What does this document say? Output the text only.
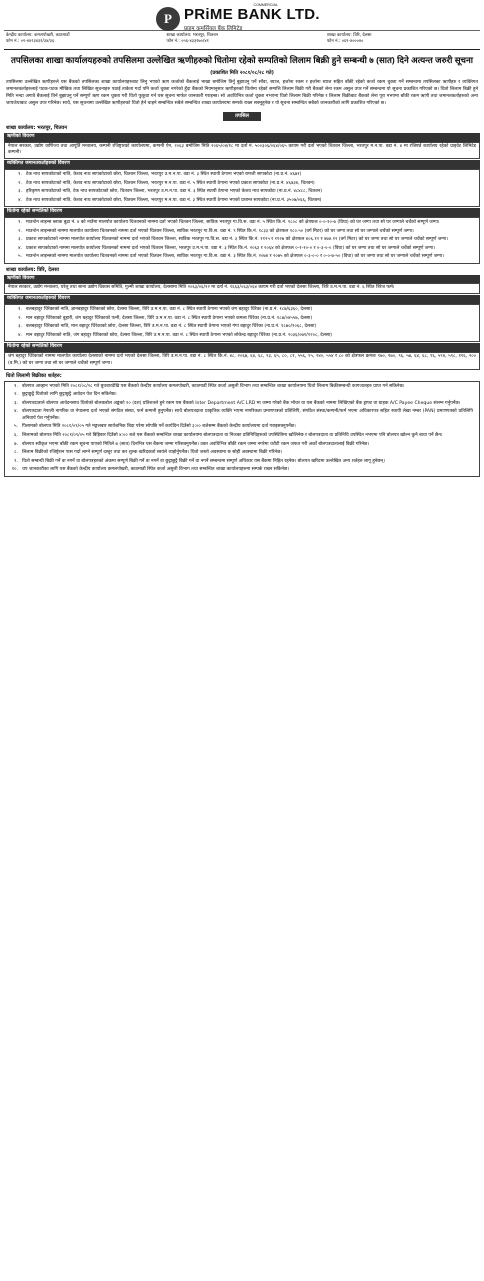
P PRiME BANK LTD.
COMMERCIAL
प्राइम कमर्सियल बैंक लिमिटेड
केन्द्रीय कार्यालय: कमलपोखरी, काठमाडौं
फोन नं.: ०१-४४२३४३२/३४/३६
शाखा कार्यालय: भरतपुर, चितवन
फोन नं.: ०५६-४३३२७०/४१
शाखा कार्यालय: त्रिरि, देलसा
फोन नं.: ०६१-४०००४०
तपसिलका शाखा कार्यालयहरुको तपसिलमा उल्लेखित ऋणीहरुको धितोमा रहेको सम्पतिको लिलाम बिक्री हुने सम्बन्धी ७ (सात) दिने अत्यन्त जरुरी सूचना
(प्रकाशित मिति २०८१/०८/२८ गते)
तपसिलमा उल्लेखित ऋणीहरुले यस बैंकको तपसिलका शाखा कार्यालयहरुबाट लिनु भएको ऋण कर्जाको बैंकलाई भाखा बमोजिम तिर्नु बुझाउनु पर्ने साँवा, ब्याज, हर्जाना रकम र हर्जाना ब्याज सहित बाँकी रहेको कर्जा रकम चुक्ता गर्ने सम्बन्धमा तपसिलका ऋणीहरु र व्यक्तिगत जमानतकर्ताहरुलाई पटक-पटक मौखिक तथा लिखित सूचनाहरु पठाई ताकेता गर्दा पनि कर्जा चुक्ता नगरेको हुँदा बैंकको नियमानुसार ऋणीहरुको धितोमा रहेको सम्पत्ति लिलाम बिक्री गरी बैंकको लेना रकम असुल उपर गर्ने सम्बन्धमा यो सूचना प्रकाशित गरिएको छ। धितो लिलाम बिक्री हुने मिति भन्दा अगावै बैंकलाई तिर्न बुझाउनु पर्ने सम्पूर्ण ऋण रकम चुक्ता गरी धितो फुकुवा गर्न यस सूचना मार्फत जानकारी गराइन्छ। सो अवधिभित्र कर्जा चुक्ता नभएमा धितो लिलाम बिक्री गरिनेछ र लिलाम बिक्रीबाट बैंकको लेना पूरा नभएमा बाँकी रकम ऋणी तथा जमानतकर्ताहरुको अन्य जायजेथाबाट असुल उपर गरिनेछ। साथै, यस सूचनामा उल्लेखित ऋणीहरुको धितो हेर्न चाहने सम्बन्धित सबैले सम्बन्धित शाखा कार्यालयमा सम्पर्क राख्न सक्नुहुनेछ र यो सूचना सम्बन्धित सबैको जानकारीको लागि प्रकाशित गरिएको छ।
तपसिल
शाखा कार्यालय: भरतपुर, चितवन
ऋणीको विवरण
नेपाल सरकार, उद्योग वाणिज्य तथा आपूर्ति मन्त्रालय, कम्पनी रजिष्ट्रारको कार्यालयमा, कम्पनी ऐन, २०६३ बमोजिम मिति २०६५/०४/१८ मा दर्ता नं. ५००३०६/०६४/०६५ कायम गरी दर्ता भएको चितवन जिल्ला, भरतपुर म.न.पा. वडा नं. ४ मा रजिष्टर्ड कार्यालय रहेको प्राइवेट लिमिटेड कम्पनी।
व्यक्तिगत जमानतकर्ताहरुको विवरण
१. टेक नाथ सापकोटाको नाति, केशव नाथ सापकोटाको छोरा, चितवन जिल्ला, भरतपुर उ.म.न.पा. वडा नं. ३ स्थित स्थायी ठेगाना भएको रामजी सापकोटा (ना.प्र.नं. ४६७१)
२. टेक नाथ सापकोटाको नाति, केशव नाथ सापकोटाको छोरा, चितवन जिल्ला, भरतपुर म.न.पा. वडा नं. ५ स्थित स्थायी ठेगाना भएको प्रकाश सापकोटा (ना.प्र.नं. ४६७३४, चितवन)
३. हरिकृष्ण सापकोटाको नाति, टेक नाथ सापकोटाको छोरा, चितवन जिल्ला, भरतपुर उ.म.न.पा. वडा नं. ३ स्थित स्थायी ठेगाना भएको केशव नाथ सापकोटा (ना.प्र.नं. ४८४८८, चितवन)
४. टेक नाथ सापकोटाको नाति, केशव नाथ सापकोटाको छोरा, चितवन जिल्ला, भरतपुर म.न.पा. वडा नं. ३ स्थित स्थायी ठेगाना भएको प्रशान्त सापकोटा (ना.प्र.नं. ३५०७/०६६, चितवन)
धितोमा रहेको सम्पतिको विवरण
१. माउन्टेन लाइन्स ब्लाक बुढा नं. ४ को नाउँमा मालपोत कार्यालय चितवनको नाममा दर्ता भएको चितवन जिल्ला, साविक भरतपुर गा.वि.स. वडा नं. ५ स्थित कि.नं. १८०८ को क्षेत्रफल ०-०-१०-७ (विघा) को घर जग्गा तथा सो घर जग्गाले चर्चेको सम्पूर्ण जग्गा।
२. माउन्टेन लाइन्सको नाममा मालपोत कार्यालय चितवनको नाममा दर्ता भएको चितवन जिल्ला, साविक भरतपुर गा.वि.स. वडा नं. ९ स्थित कि.नं. १८३३ को क्षेत्रफल २८०.५० (वर्ग मिटर) को घर जग्गा तथा सो घर जग्गाले चर्चेको सम्पूर्ण जग्गा।
३. प्रकाश सापकोटाको नाममा मालपोत कार्यालय चितवनको नाममा दर्ता भएको चितवन जिल्ला, साविक भरतपुर गा.वि.स. वडा नं. ३ स्थित कि.नं. ११२५ र ११२७ को क्षेत्रफल ४०६.१२ र ४७४.१२ (वर्ग मिटर) को घर जग्गा तथा सो घर जग्गाले चर्चेको सम्पूर्ण जग्गा।
४. प्रकाश सापकोटाको नाममा मालपोत कार्यालय चितवनको नाममा दर्ता भएको चितवन जिल्ला, भरतपुर उ.म.न.पा. वडा नं. ३ स्थित कि.नं. २०६३ र २०६४ को क्षेत्रफल ०-१-१०-० र ०-३-०-० (विघा) को घर जग्गा तथा सो घर जग्गाले चर्चेको सम्पूर्ण जग्गा।
५. माउन्टेन लाइन्सको नाममा मालपोत कार्यालय चितवनको नाममा दर्ता भएको चितवन जिल्ला, साविक भरतपुर गा.वि.स. वडा नं. ३ स्थित कि.नं. २०७४ र २०७५ को क्षेत्रफल ०-३-०-० र ०-०-७-५० (विघा) को घर जग्गा तथा सो घर जग्गाले चर्चेको सम्पूर्ण जग्गा।
शाखा कार्यालय: त्रिरि, देलसा
ऋणीको विवरण
नेपाल सरकार, उद्योग मन्त्रालय, घरेलु तथा साना उद्योग विकास समिति, गुल्मी शाखा कार्यालय, देलसामा मिति २०६३/०६/१२ मा दर्ता नं. १६६३/०६३/०६४ कायम गरी दर्ता भएको देलसा जिल्ला, त्रिरि उ.म.न.पा. वडा नं. ६ स्थित त्रिरेज फर्म।
व्यक्तिगत जमानतकर्ताहरुको विवरण
१. बलबहादुर थिंरेकाको नाति, ज्ञानबहादुर थिंरेकाको छोरा, देलसा जिल्ला, त्रिरि उ.म.न.पा. वडा नं. ८ स्थित स्थायी ठेगाना भएको जंग बहादुर थिंरेका (ना.प्र.नं. १८७/६३६०, देलसा)
२. मान बहादुर थिंरेकाको बुहारी, जंग बहादुर थिंरेकाको पत्नी, देलसा जिल्ला, त्रिरि उ.म.न.पा. वडा नं. ८ स्थित स्थायी ठेगाना भएको कमला थिंरेका (ना.प्र.नं. १८७/०४५५७, देलसा)
३. बलबहादुर थिंरेकाको नाति, मान बहादुर थिंरेकाको छोरा, देलसा जिल्ला, त्रिरि उ.म.न.पा. वडा नं. ८ स्थित स्थायी ठेगाना भएको गंगा बहादुर थिंरेका (ना.प्र.नं. १८७०/१०६८, देलसा)
४. मान बहादुर थिंरेकाको नाति, जंग बहादुर थिंरेकाको छोरा, देलसा जिल्ला, त्रिरि उ.म.न.पा. वडा नं. ८ स्थित स्थायी ठेगाना भएको लोकेन्द्र बहादुर थिंरेका (ना.प्र.नं. २०३६/०७१/१२०८, देलसा)
धितोमा रहेको सम्पतिको विवरण
जंग बहादुर थिंरेकाको नाममा मालपोत कार्यालय देलसाको नाममा दर्ता भएको देलसा जिल्ला, त्रिरि उ.म.न.पा. वडा नं. ८ स्थित कि.नं. ४८, २०६७, ६४, ६८, ९३, ६५, ८०, ८१, ५५६, ९५, २४०, ५५४ र ८० को क्षेत्रफल क्रमशः १७०, १७०, ९६, ५७, ६४, ६८, ९६, ५९४, ५९८, ११६, २०० (व.मि.) को घर जग्गा तथा सो घर जग्गाले चर्चेको सम्पूर्ण जग्गा।
धितो लिलामी बिक्रीका शर्तहरु:
१. बोलपत्र आव्हान भएको मिति २०८१/०८/२८ गते बुधबारदेखि यस बैंकको केन्द्रीय कार्यालय कमलपोखरी, काठमाडौं स्थित कर्जा असुली विभाग तथा सम्बन्धित शाखा कार्यालयमा धितो लिलाम बिक्रीसम्बन्धी कागजातहरु प्राप्त गर्न सकिनेछ।
२. छुट्टाछुट्टै धितोको लागि छुट्टाछुट्टै आवेदन पेश दिन सकिनेछ।
३. बोलपत्रदाताले बोलपत्र आवेदनसाथ धितोको बोलकबोल अङ्कको १० (दश) प्रतिशतले हुने रकम यस बैंकको Inter Department A/C LRD मा जम्मा गरेको बैंक भौचर वा यस बैंकको नाममा लिखिएको बैंक ड्राफ्ट वा ग्राहक A/C Payee Cheque संलग्न गर्नुपर्नेछ।
४. बोलपत्रदाता नेपाली नागरिक वा नेपालमा दर्ता भएको संगठित संस्था, फर्म कम्पनी हुनुपर्नेछ। साथै बोलपत्रदाता प्राकृतिक व्यक्ति भएमा नागरिकता प्रमाणपत्रको प्रतिलिपि, संगठित संस्था/कम्पनी/फर्म भएमा अधिकारपत्र सहित स्थायी लेखा नम्बर (PAN) प्रमाणपत्रको प्रतिलिपि अनिवार्य पेश गर्नुपर्नेछ।
५. पिलामको बोलपत्र मिति २०८१/०९/०५ गते मङ्गलबार सार्वजनिक बिदा परेमा सोपछि पर्ने कार्यदिन दिउँसो ३:०० बजेसम्म बैंकको केन्द्रीय कार्यालयमा दर्ता गराइसक्नुपर्नेछ।
६. लिलामको बोलपत्र मिति २०८१/०९/०५ गते बिहिबार दिउँसो ४:०० बजे यस बैंकको सम्बन्धित शाखा कार्यालयमा बोलपत्रदाता वा निजका प्रतिनिधिहरुको उपस्थितिमा खोलिनेछ र बोलपत्रदाता वा प्रतिनिधि उपस्थित नभएमा पनि बोलपत्र खोल्न कुनै बाधा पर्ने छैन।
७. बोलपत्र स्वीकृत भएमा बाँकी रकम सूचना पाएको मितिले ७ (सात) दिनभित्र यस बैंकमा जम्मा गरिसक्नुपर्नेछ। उक्त अवधिभित्र बाँकी रकम जम्मा नगरेमा धरौटी रकम जफत गरी अर्को बोलपत्रदातालाई बिक्री गरिनेछ।
८. लिलाम बिक्रीको रजिष्ट्रेशन पास गर्दा लाग्ने सम्पूर्ण दस्तुर तथा कर शुल्क खरिदकर्ता स्वयंले व्यहोर्नुपर्नेछ। धितो जस्तो अवस्थामा छ सोही अवस्थामा बिक्री गरिनेछ।
९. धितो सम्बन्धी बिक्री गर्ने वा नगर्ने वा बोलपत्रहरुको अंकमा सम्पूर्ण बिक्री गर्ने वा नगर्ने वा छुट्टाछुट्टै बिक्री गर्ने वा नगर्ने सम्बन्धमा सम्पूर्ण अधिकार यस बैंकमा निहित रहनेछ। बोलपत्र खरिदमा उल्लेखित अन्य शर्तहरु लागू हुनेछन्।
१०. थप जानकारीका लागि यस बैंकको केन्द्रीय कार्यालय कमलपोखरी, काठमाडौं स्थित कर्जा असुली विभाग तथा सम्बन्धित शाखा कार्यालयहरुमा सम्पर्क राख्न सकिनेछ।
